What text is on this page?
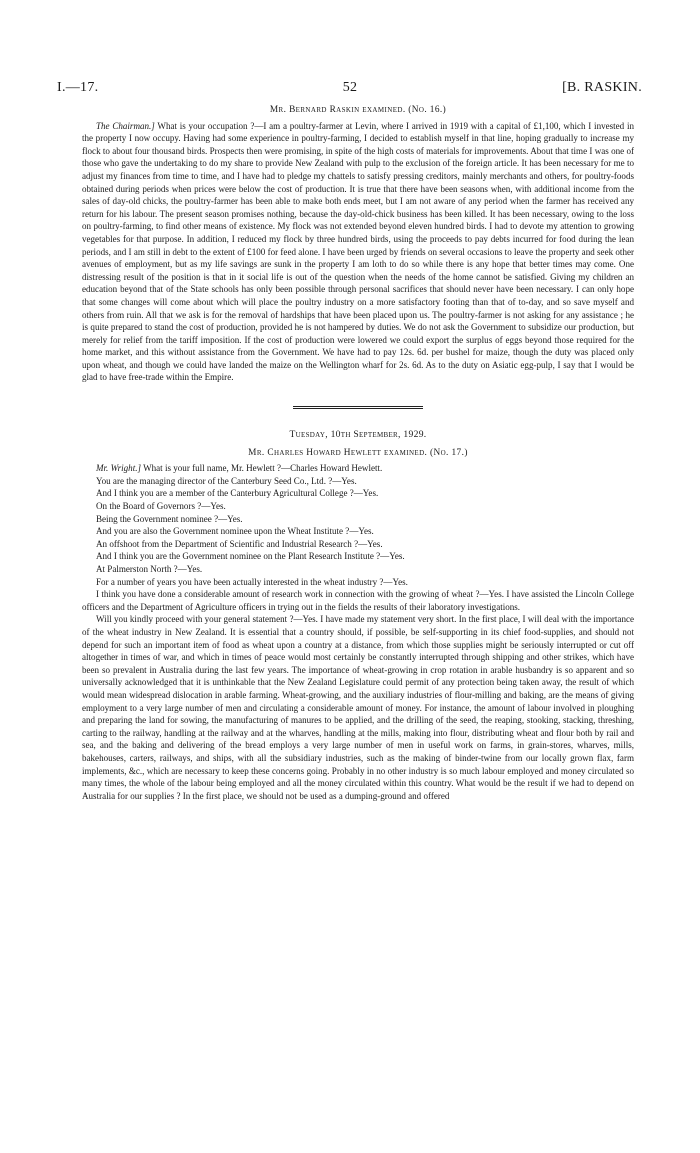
I.—17.	52	[B. RASKIN.
Mr. Bernard Raskin examined. (No. 16.)

The Chairman.] What is your occupation ?—I am a poultry-farmer at Levin, where I arrived in 1919 with a capital of £1,100, which I invested in the property I now occupy. Having had some experience in poultry-farming, I decided to establish myself in that line, hoping gradually to increase my flock to about four thousand birds. Prospects then were promising, in spite of the high costs of materials for improvements. About that time I was one of those who gave the undertaking to do my share to provide New Zealand with pulp to the exclusion of the foreign article. It has been necessary for me to adjust my finances from time to time, and I have had to pledge my chattels to satisfy pressing creditors, mainly merchants and others, for poultry-foods obtained during periods when prices were below the cost of production. It is true that there have been seasons when, with additional income from the sales of day-old chicks, the poultry-farmer has been able to make both ends meet, but I am not aware of any period when the farmer has received any return for his labour. The present season promises nothing, because the day-old-chick business has been killed. It has been necessary, owing to the loss on poultry-farming, to find other means of existence. My flock was not extended beyond eleven hundred birds. I had to devote my attention to growing vegetables for that purpose. In addition, I reduced my flock by three hundred birds, using the proceeds to pay debts incurred for food during the lean periods, and I am still in debt to the extent of £100 for feed alone. I have been urged by friends on several occasions to leave the property and seek other avenues of employment, but as my life savings are sunk in the property I am loth to do so while there is any hope that better times may come. One distressing result of the position is that in it social life is out of the question when the needs of the home cannot be satisfied. Giving my children an education beyond that of the State schools has only been possible through personal sacrifices that should never have been necessary. I can only hope that some changes will come about which will place the poultry industry on a more satisfactory footing than that of to-day, and so save myself and others from ruin. All that we ask is for the removal of hardships that have been placed upon us. The poultry-farmer is not asking for any assistance ; he is quite prepared to stand the cost of production, provided he is not hampered by duties. We do not ask the Government to subsidize our production, but merely for relief from the tariff imposition. If the cost of production were lowered we could export the surplus of eggs beyond those required for the home market, and this without assistance from the Government. We have had to pay 12s. 6d. per bushel for maize, though the duty was placed only upon wheat, and though we could have landed the maize on the Wellington wharf for 2s. 6d. As to the duty on Asiatic egg-pulp, I say that I would be glad to have free-trade within the Empire.

Tuesday, 10th September, 1929.
Mr. Charles Howard Hewlett examined. (No. 17.)

Mr. Wright.] What is your full name, Mr. Hewlett ?—Charles Howard Hewlett.

You are the managing director of the Canterbury Seed Co., Ltd. ?—Yes.

And I think you are a member of the Canterbury Agricultural College ?—Yes.

On the Board of Governors ?—Yes.

Being the Government nominee ?—Yes.

And you are also the Government nominee upon the Wheat Institute ?—Yes.

An offshoot from the Department of Scientific and Industrial Research ?—Yes.

And I think you are the Government nominee on the Plant Research Institute ?—Yes.

At Palmerston North ?—Yes.

For a number of years you have been actually interested in the wheat industry ?—Yes.

I think you have done a considerable amount of research work in connection with the growing of wheat ?—Yes. I have assisted the Lincoln College officers and the Department of Agriculture officers in trying out in the fields the results of their laboratory investigations.

Will you kindly proceed with your general statement ?—Yes. I have made my statement very short. In the first place, I will deal with the importance of the wheat industry in New Zealand. It is essential that a country should, if possible, be self-supporting in its chief food-supplies, and should not depend for such an important item of food as wheat upon a country at a distance, from which those supplies might be seriously interrupted or cut off altogether in times of war, and which in times of peace would most certainly be constantly interrupted through shipping and other strikes, which have been so prevalent in Australia during the last few years. The importance of wheat-growing in crop rotation in arable husbandry is so apparent and so universally acknowledged that it is unthinkable that the New Zealand Legislature could permit of any protection being taken away, the result of which would mean widespread dislocation in arable farming. Wheat-growing, and the auxiliary industries of flour-milling and baking, are the means of giving employment to a very large number of men and circulating a considerable amount of money. For instance, the amount of labour involved in ploughing and preparing the land for sowing, the manufacturing of manures to be applied, and the drilling of the seed, the reaping, stooking, stacking, threshing, carting to the railway, handling at the railway and at the wharves, handling at the mills, making into flour, distributing wheat and flour both by rail and sea, and the baking and delivering of the bread employs a very large number of men in useful work on farms, in grain-stores, wharves, mills, bakehouses, carters, railways, and ships, with all the subsidiary industries, such as the making of binder-twine from our locally grown flax, farm implements, &c., which are necessary to keep these concerns going. Probably in no other industry is so much labour employed and money circulated so many times, the whole of the labour being employed and all the money circulated within this country. What would be the result if we had to depend on Australia for our supplies ? In the first place, we should not be used as a dumping-ground and offered
